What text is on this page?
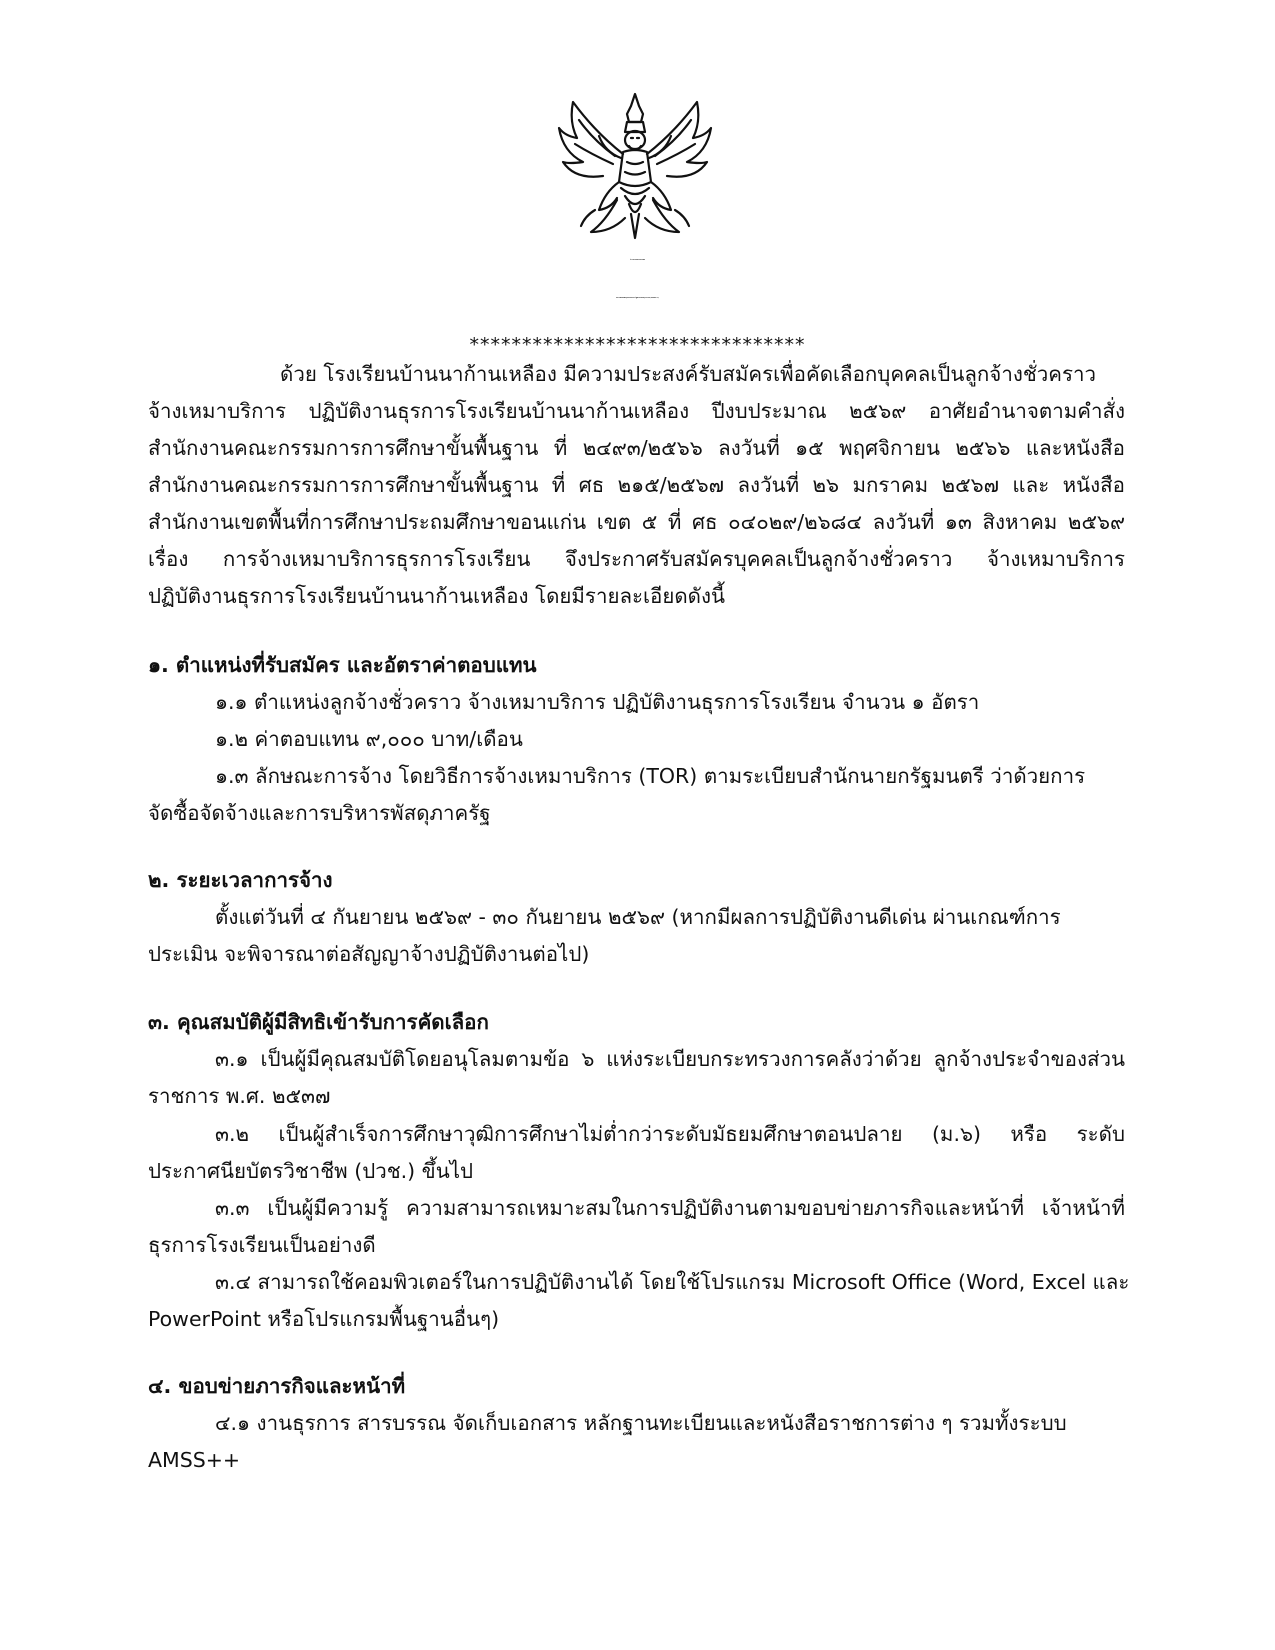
ประกาศโรงเรียนบ้านนาก้านเหลือง
เรื่อง รับสมัครคัดเลือกบุคคลจ้างเหมาบริการ ปฏิบัติงานเจ้าหน้าที่ธุรการโรงเรียน (ทดแทนอัตราว่าง)
********************************
ด้วย โรงเรียนบ้านนาก้านเหลือง มีความประสงค์รับสมัครเพื่อคัดเลือกบุคคลเป็นลูกจ้างชั่วคราว
จ้างเหมาบริการ ปฏิบัติงานธุรการโรงเรียนบ้านนาก้านเหลือง ปีงบประมาณ ๒๕๖๙ อาศัยอำนาจตามคำสั่ง
สำนักงานคณะกรรมการการศึกษาขั้นพื้นฐาน ที่ ๒๔๙๓/๒๕๖๖ ลงวันที่ ๑๕ พฤศจิกายน ๒๕๖๖ และหนังสือ
สำนักงานคณะกรรมการการศึกษาขั้นพื้นฐาน ที่ ศธ ๒๑๕/๒๕๖๗ ลงวันที่ ๒๖ มกราคม ๒๕๖๗ และ หนังสือ
สำนักงานเขตพื้นที่การศึกษาประถมศึกษาขอนแก่น เขต ๕ ที่ ศธ ๐๔๐๒๙/๒๖๘๔ ลงวันที่ ๑๓ สิงหาคม ๒๕๖๙
เรื่อง การจ้างเหมาบริการธุรการโรงเรียน จึงประกาศรับสมัครบุคคลเป็นลูกจ้างชั่วคราว จ้างเหมาบริการ
ปฏิบัติงานธุรการโรงเรียนบ้านนาก้านเหลือง โดยมีรายละเอียดดังนี้
๑. ตำแหน่งที่รับสมัคร และอัตราค่าตอบแทน
๑.๑ ตำแหน่งลูกจ้างชั่วคราว จ้างเหมาบริการ ปฏิบัติงานธุรการโรงเรียน จำนวน ๑ อัตรา
๑.๒ ค่าตอบแทน ๙,๐๐๐ บาท/เดือน
๑.๓ ลักษณะการจ้าง โดยวิธีการจ้างเหมาบริการ (TOR) ตามระเบียบสำนักนายกรัฐมนตรี ว่าด้วยการ
จัดซื้อจัดจ้างและการบริหารพัสดุภาครัฐ
๒. ระยะเวลาการจ้าง
ตั้งแต่วันที่ ๔ กันยายน ๒๕๖๙ - ๓๐ กันยายน ๒๕๖๙ (หากมีผลการปฏิบัติงานดีเด่น ผ่านเกณฑ์การ
ประเมิน จะพิจารณาต่อสัญญาจ้างปฏิบัติงานต่อไป)
๓. คุณสมบัติผู้มีสิทธิเข้ารับการคัดเลือก
๓.๑ เป็นผู้มีคุณสมบัติโดยอนุโลมตามข้อ ๖ แห่งระเบียบกระทรวงการคลังว่าด้วย ลูกจ้างประจำของส่วน
ราชการ พ.ศ. ๒๕๓๗
๓.๒ เป็นผู้สำเร็จการศึกษาวุฒิการศึกษาไม่ต่ำกว่าระดับมัธยมศึกษาตอนปลาย (ม.๖) หรือ ระดับ
ประกาศนียบัตรวิชาชีพ (ปวช.) ขึ้นไป
๓.๓ เป็นผู้มีความรู้ ความสามารถเหมาะสมในการปฏิบัติงานตามขอบข่ายภารกิจและหน้าที่ เจ้าหน้าที่
ธุรการโรงเรียนเป็นอย่างดี
๓.๔ สามารถใช้คอมพิวเตอร์ในการปฏิบัติงานได้ โดยใช้โปรแกรม Microsoft Office (Word, Excel และ
PowerPoint หรือโปรแกรมพื้นฐานอื่นๆ)
๔. ขอบข่ายภารกิจและหน้าที่
๔.๑ งานธุรการ สารบรรณ จัดเก็บเอกสาร หลักฐานทะเบียนและหนังสือราชการต่าง ๆ รวมทั้งระบบ
AMSS++
